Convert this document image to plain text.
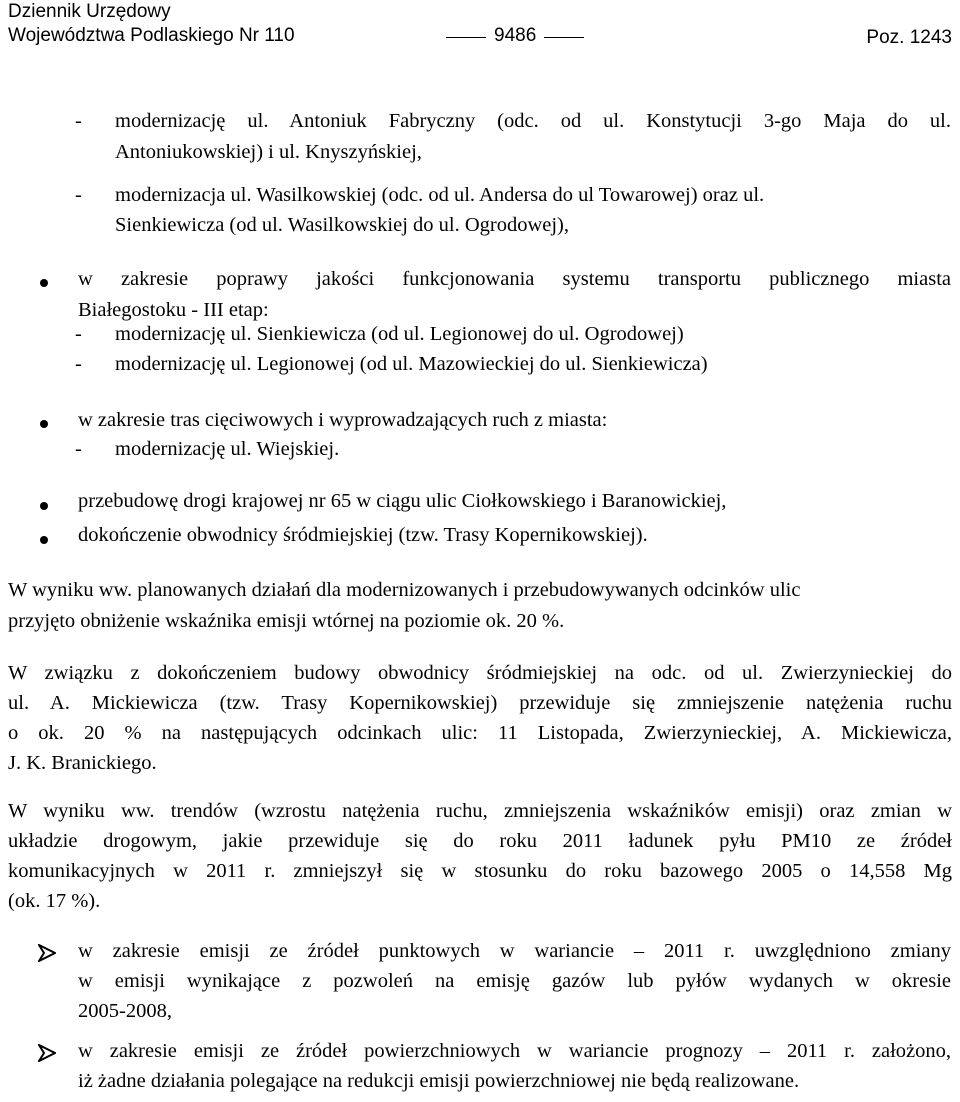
Dziennik Urzędowy
Województwa Podlaskiego Nr 110	9486	Poz. 1243
- modernizację ul. Antoniuk Fabryczny (odc. od ul. Konstytucji 3-go Maja do ul.
Antoniukowskiej) i ul. Knyszyńskiej,
- modernizacja ul. Wasilkowskiej (odc. od ul. Andersa do ul Towarowej) oraz ul.
Sienkiewicza (od ul. Wasilkowskiej do ul. Ogrodowej),
w zakresie poprawy jakości funkcjonowania systemu transportu publicznego miasta
Białegostoku - III etap:
- modernizację ul. Sienkiewicza (od ul. Legionowej do ul. Ogrodowej)
- modernizację ul. Legionowej (od ul. Mazowieckiej do ul. Sienkiewicza)
w zakresie tras cięciwowych i wyprowadzających ruch z miasta:
- modernizację ul. Wiejskiej.
przebudowę drogi krajowej nr 65 w ciągu ulic Ciołkowskiego i Baranowickiej,
dokończenie obwodnicy śródmiejskiej (tzw. Trasy Kopernikowskiej).
W wyniku ww. planowanych działań dla modernizowanych i przebudowywanych odcinków ulic
przyjęto obniżenie wskaźnika emisji wtórnej na poziomie ok. 20 %.
W związku z dokończeniem budowy obwodnicy śródmiejskiej na odc. od ul. Zwierzynieckiej do
ul. A. Mickiewicza (tzw. Trasy Kopernikowskiej) przewiduje się zmniejszenie natężenia ruchu
o ok. 20 % na następujących odcinkach ulic: 11 Listopada, Zwierzynieckiej, A. Mickiewicza,
J. K. Branickiego.
W wyniku ww. trendów (wzrostu natężenia ruchu, zmniejszenia wskaźników emisji) oraz zmian w
układzie drogowym, jakie przewiduje się do roku 2011 ładunek pyłu PM10 ze źródeł
komunikacyjnych w 2011 r. zmniejszył się w stosunku do roku bazowego 2005 o 14,558 Mg
(ok. 17 %).
w zakresie emisji ze źródeł punktowych w wariancie – 2011 r. uwzględniono zmiany
w emisji wynikające z pozwoleń na emisję gazów lub pyłów wydanych w okresie
2005-2008,
w zakresie emisji ze źródeł powierzchniowych w wariancie prognozy – 2011 r. założono,
iż żadne działania polegające na redukcji emisji powierzchniowej nie będą realizowane.
